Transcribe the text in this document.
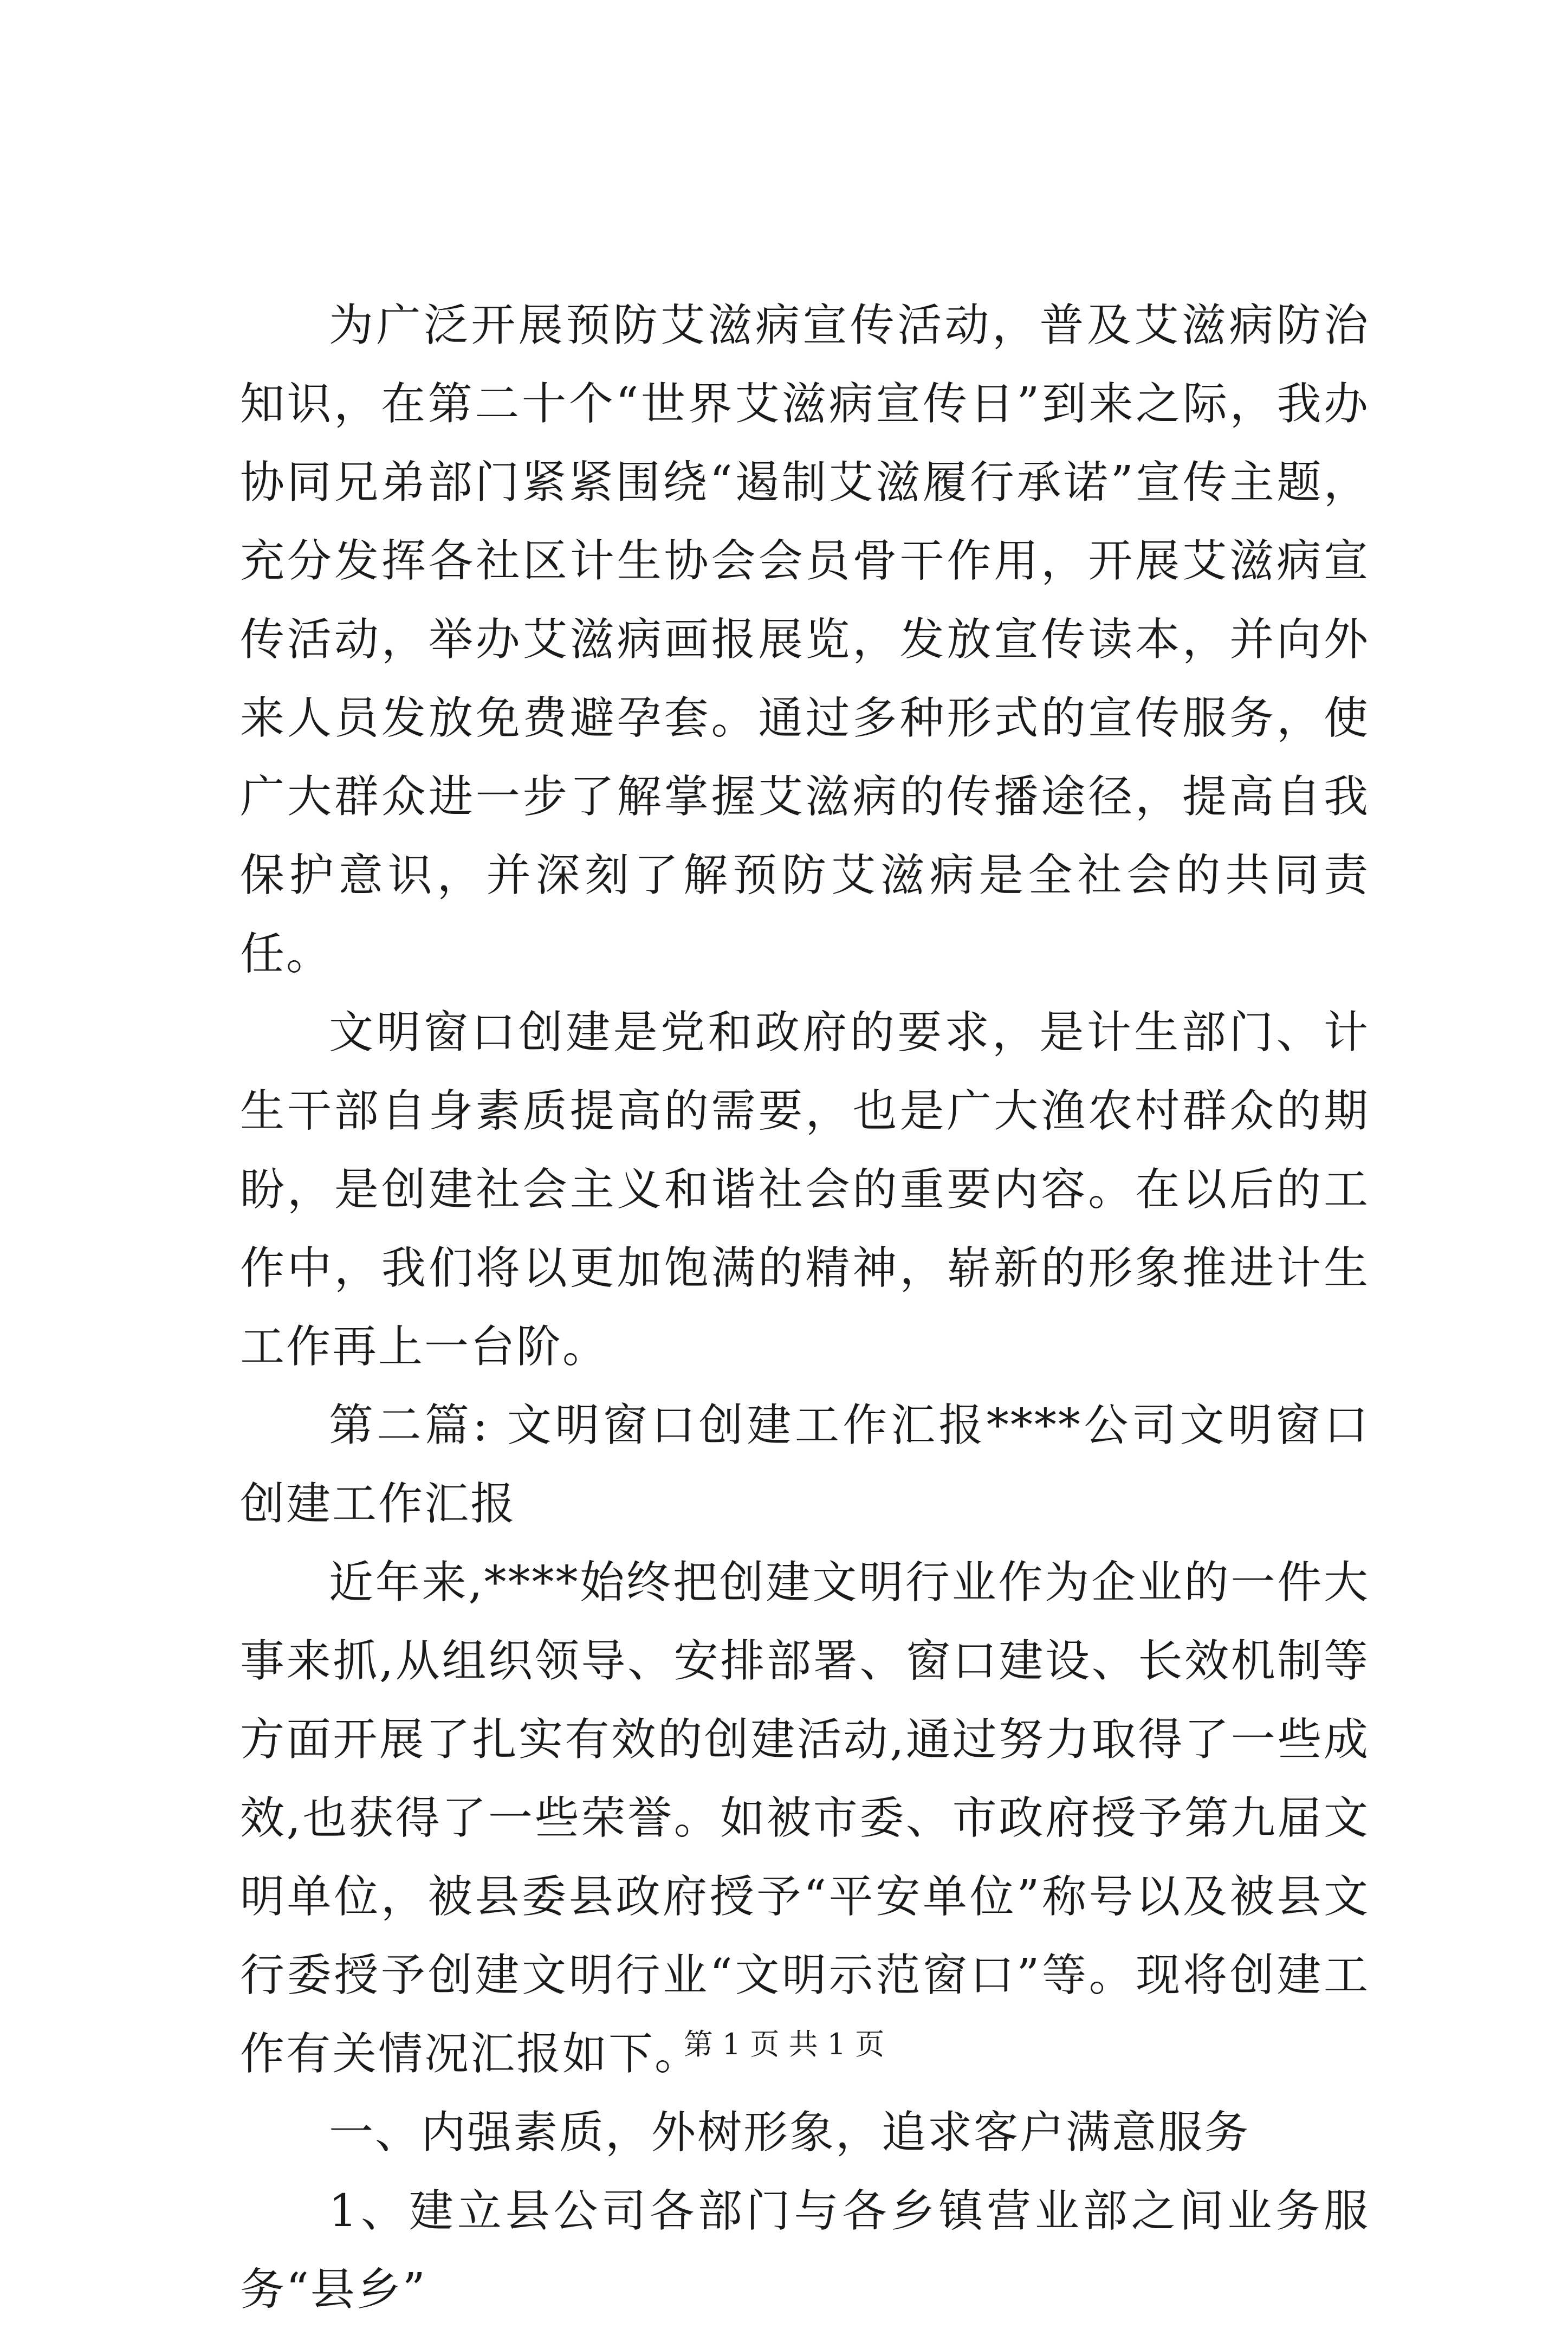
为广泛开展预防艾滋病宣传活动，普及艾滋病防治知识，在第二十个“世界艾滋病宣传日”到来之际，我办协同兄弟部门紧紧围绕“遏制艾滋履行承诺”宣传主题，充分发挥各社区计生协会会员骨干作用，开展艾滋病宣传活动，举办艾滋病画报展览，发放宣传读本，并向外来人员发放免费避孕套。通过多种形式的宣传服务，使广大群众进一步了解掌握艾滋病的传播途径，提高自我保护意识，并深刻了解预防艾滋病是全社会的共同责任。

文明窗口创建是党和政府的要求，是计生部门、计生干部自身素质提高的需要，也是广大渔农村群众的期盼，是创建社会主义和谐社会的重要内容。在以后的工作中，我们将以更加饱满的精神，崭新的形象推进计生工作再上一台阶。

第二篇: 文明窗口创建工作汇报****公司文明窗口创建工作汇报

近年来,****始终把创建文明行业作为企业的一件大事来抓,从组织领导、安排部署、窗口建设、长效机制等方面开展了扎实有效的创建活动,通过努力取得了一些成效,也获得了一些荣誉。如被市委、市政府授予第九届文明单位，被县委县政府授予“平安单位”称号以及被县文行委授予创建文明行业“文明示范窗口”等。现将创建工作有关情况汇报如下。

一、内强素质，外树形象，追求客户满意服务

1、建立县公司各部门与各乡镇营业部之间业务服务“县乡”

第 1 页 共 1 页
